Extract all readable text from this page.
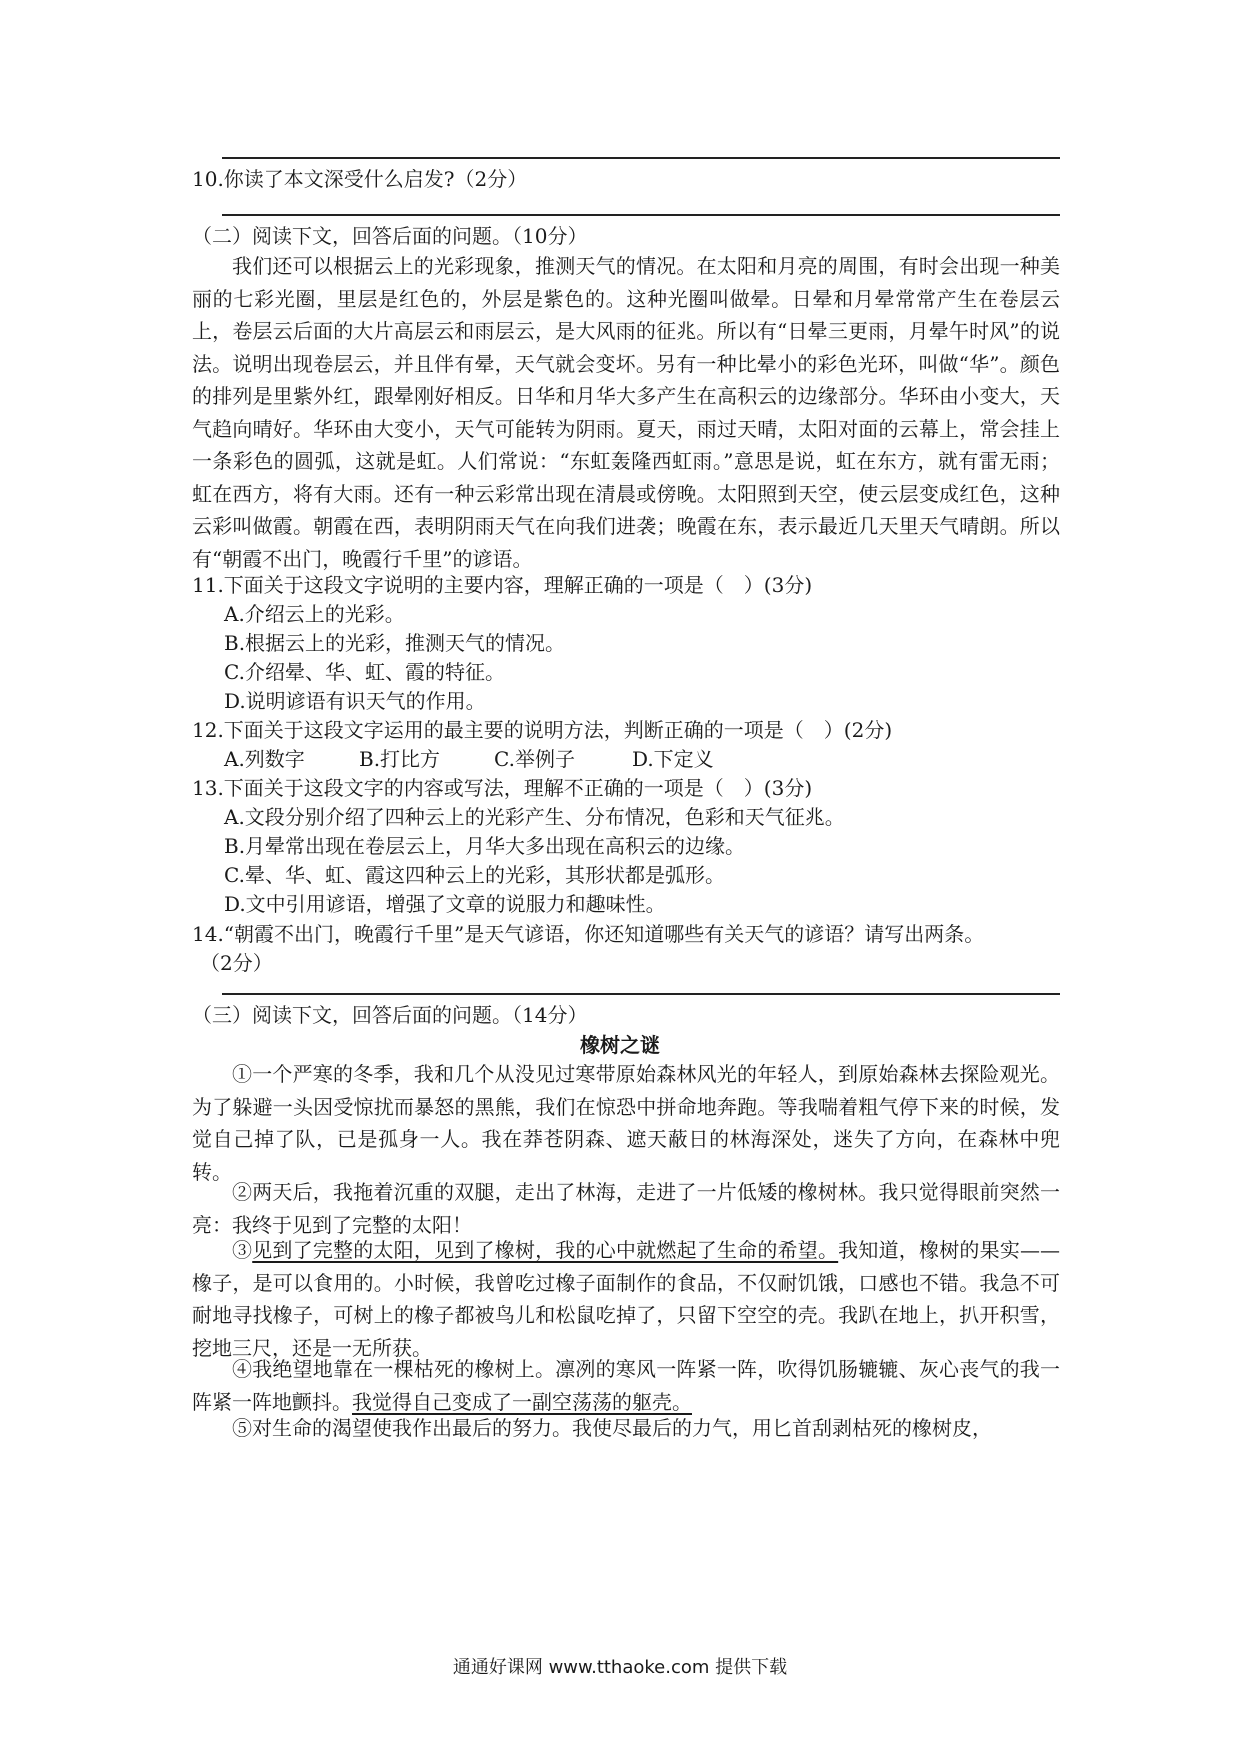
10.你读了本文深受什么启发?（2分）
（二）阅读下文，回答后面的问题。（10分）
我们还可以根据云上的光彩现象，推测天气的情况。在太阳和月亮的周围，有时会出现一种美丽的七彩光圈，里层是红色的，外层是紫色的。这种光圈叫做晕。日晕和月晕常常产生在卷层云上，卷层云后面的大片高层云和雨层云，是大风雨的征兆。所以有“日晕三更雨，月晕午时风”的说法。说明出现卷层云，并且伴有晕，天气就会变坏。另有一种比晕小的彩色光环，叫做“华”。颜色的排列是里紫外红，跟晕刚好相反。日华和月华大多产生在高积云的边缘部分。华环由小变大，天气趋向晴好。华环由大变小，天气可能转为阴雨。夏天，雨过天晴，太阳对面的云幕上，常会挂上一条彩色的圆弧，这就是虹。人们常说：“东虹轰隆西虹雨。”意思是说，虹在东方，就有雷无雨；虹在西方，将有大雨。还有一种云彩常出现在清晨或傍晚。太阳照到天空，使云层变成红色，这种云彩叫做霞。朝霞在西，表明阴雨天气在向我们进袭；晚霞在东，表示最近几天里天气晴朗。所以有“朝霞不出门，晚霞行千里”的谚语。
11.下面关于这段文字说明的主要内容，理解正确的一项是（　）(3分)
A.介绍云上的光彩。
B.根据云上的光彩，推测天气的情况。
C.介绍晕、华、虹、霞的特征。
D.说明谚语有识天气的作用。
12.下面关于这段文字运用的最主要的说明方法，判断正确的一项是（　）(2分)
A.列数字	B.打比方	C.举例子	D.下定义
13.下面关于这段文字的内容或写法，理解不正确的一项是（　）(3分)
A.文段分别介绍了四种云上的光彩产生、分布情况，色彩和天气征兆。
B.月晕常出现在卷层云上，月华大多出现在高积云的边缘。
C.晕、华、虹、霞这四种云上的光彩，其形状都是弧形。
D.文中引用谚语，增强了文章的说服力和趣味性。
14.“朝霞不出门，晚霞行千里”是天气谚语，你还知道哪些有关天气的谚语？请写出两条。
（2分）
（三）阅读下文，回答后面的问题。（14分）
橡树之谜
①一个严寒的冬季，我和几个从没见过寒带原始森林风光的年轻人，到原始森林去探险观光。为了躲避一头因受惊扰而暴怒的黑熊，我们在惊恐中拼命地奔跑。等我喘着粗气停下来的时候，发觉自己掉了队，已是孤身一人。我在莽苍阴森、遮天蔽日的林海深处，迷失了方向，在森林中兜转。
②两天后，我拖着沉重的双腿，走出了林海，走进了一片低矮的橡树林。我只觉得眼前突然一亮：我终于见到了完整的太阳！
③见到了完整的太阳，见到了橡树，我的心中就燃起了生命的希望。我知道，橡树的果实——橡子，是可以食用的。小时候，我曾吃过橡子面制作的食品，不仅耐饥饿，口感也不错。我急不可耐地寻找橡子，可树上的橡子都被鸟儿和松鼠吃掉了，只留下空空的壳。我趴在地上，扒开积雪，挖地三尺，还是一无所获。
④我绝望地靠在一棵枯死的橡树上。凛冽的寒风一阵紧一阵，吹得饥肠辘辘、灰心丧气的我一阵紧一阵地颤抖。我觉得自己变成了一副空荡荡的躯壳。
⑤对生命的渴望使我作出最后的努力。我使尽最后的力气，用匕首刮剥枯死的橡树皮，
通通好课网 www.tthaoke.com 提供下载
